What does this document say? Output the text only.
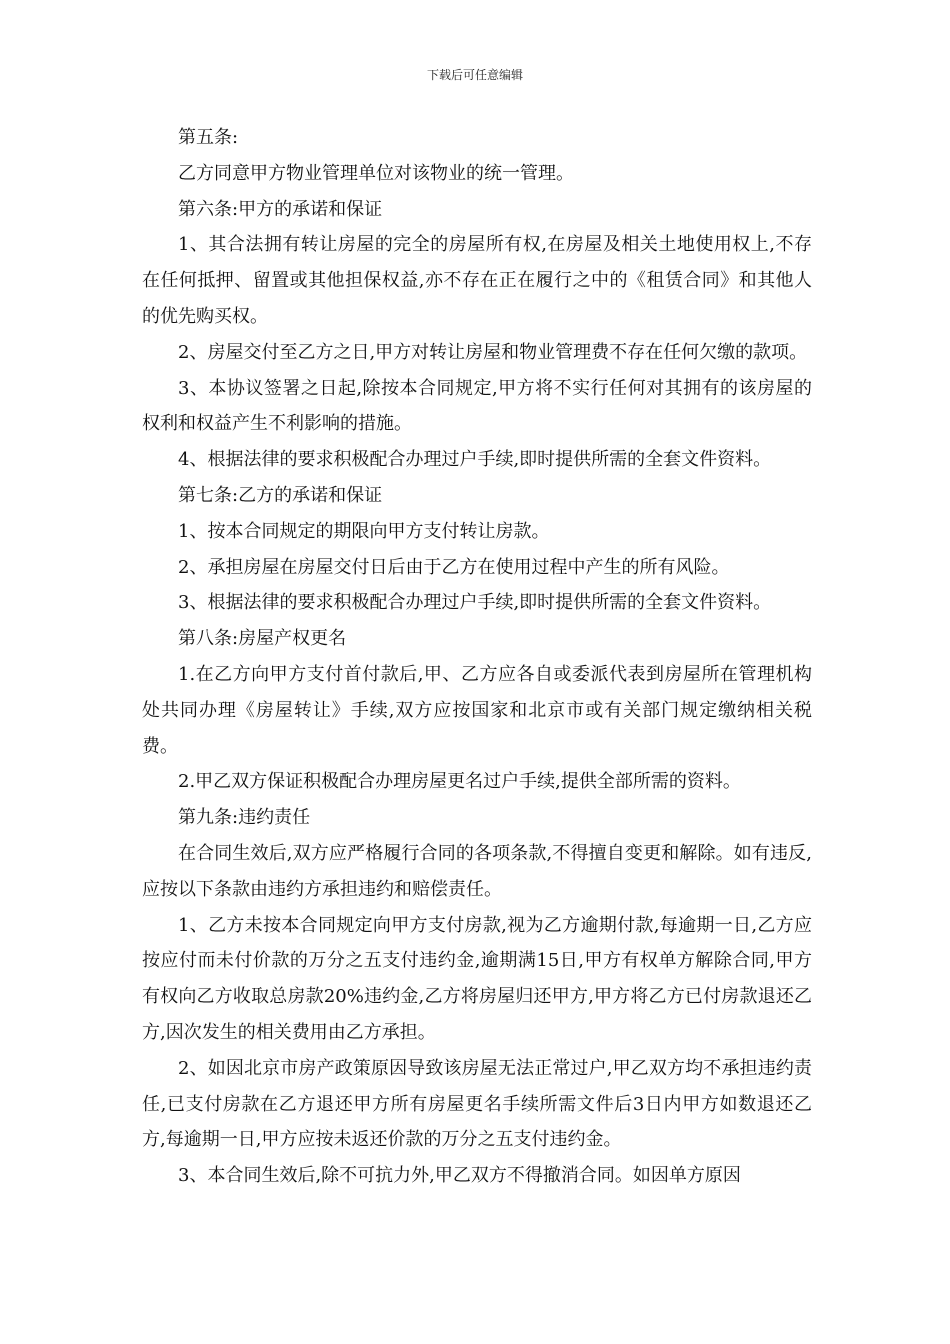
下载后可任意编辑

第五条:

乙方同意甲方物业管理单位对该物业的统一管理。

第六条:甲方的承诺和保证

1、其合法拥有转让房屋的完全的房屋所有权,在房屋及相关土地使用权上,不存在任何抵押、留置或其他担保权益,亦不存在正在履行之中的《租赁合同》和其他人的优先购买权。

2、房屋交付至乙方之日,甲方对转让房屋和物业管理费不存在任何欠缴的款项。

3、本协议签署之日起,除按本合同规定,甲方将不实行任何对其拥有的该房屋的权利和权益产生不利影响的措施。

4、根据法律的要求积极配合办理过户手续,即时提供所需的全套文件资料。

第七条:乙方的承诺和保证

1、按本合同规定的期限向甲方支付转让房款。

2、承担房屋在房屋交付日后由于乙方在使用过程中产生的所有风险。

3、根据法律的要求积极配合办理过户手续,即时提供所需的全套文件资料。

第八条:房屋产权更名

1.在乙方向甲方支付首付款后,甲、乙方应各自或委派代表到房屋所在管理机构处共同办理《房屋转让》手续,双方应按国家和北京市或有关部门规定缴纳相关税费。

2.甲乙双方保证积极配合办理房屋更名过户手续,提供全部所需的资料。

第九条:违约责任

在合同生效后,双方应严格履行合同的各项条款,不得擅自变更和解除。如有违反,应按以下条款由违约方承担违约和赔偿责任。

1、乙方未按本合同规定向甲方支付房款,视为乙方逾期付款,每逾期一日,乙方应按应付而未付价款的万分之五支付违约金,逾期满15日,甲方有权单方解除合同,甲方有权向乙方收取总房款20%违约金,乙方将房屋归还甲方,甲方将乙方已付房款退还乙方,因次发生的相关费用由乙方承担。

2、如因北京市房产政策原因导致该房屋无法正常过户,甲乙双方均不承担违约责任,已支付房款在乙方退还甲方所有房屋更名手续所需文件后3日内甲方如数退还乙方,每逾期一日,甲方应按未返还价款的万分之五支付违约金。

3、本合同生效后,除不可抗力外,甲乙双方不得撤消合同。如因单方原因
